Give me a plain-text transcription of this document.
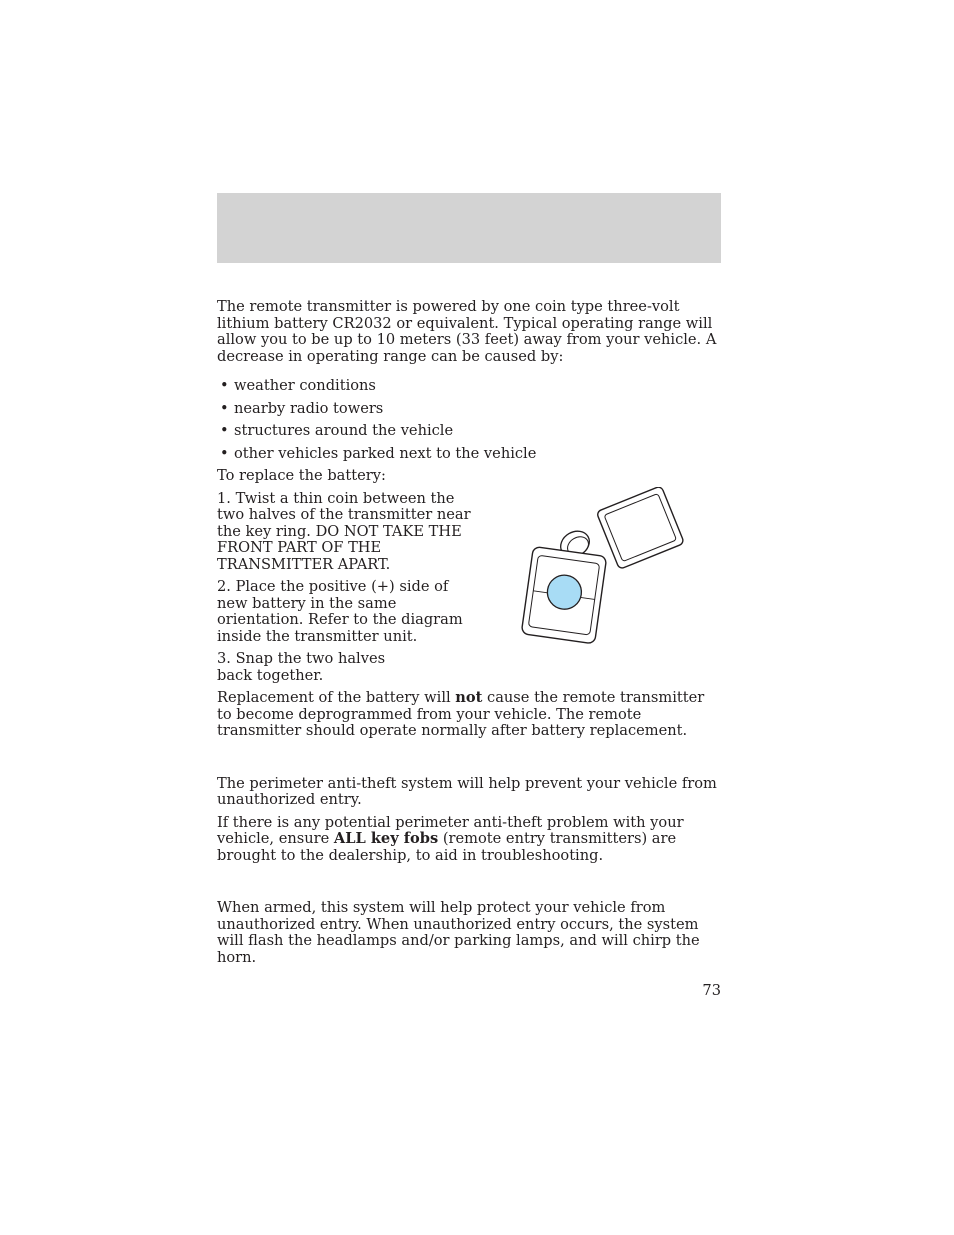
The remote transmitter is powered by one coin type three-volt lithium battery CR2032 or equivalent. Typical operating range will allow you to be up to 10 meters (33 feet) away from your vehicle. A decrease in operating range can be caused by:

• weather conditions
• nearby radio towers
• structures around the vehicle
• other vehicles parked next to the vehicle

To replace the battery:

1. Twist a thin coin between the two halves of the transmitter near the key ring. DO NOT TAKE THE FRONT PART OF THE TRANSMITTER APART.

2. Place the positive (+) side of new battery in the same orientation. Refer to the diagram inside the transmitter unit.

3. Snap the two halves back together.

Replacement of the battery will not cause the remote transmitter to become deprogrammed from your vehicle. The remote transmitter should operate normally after battery replacement.

The perimeter anti-theft system will help prevent your vehicle from unauthorized entry.

If there is any potential perimeter anti-theft problem with your vehicle, ensure ALL key fobs (remote entry transmitters) are brought to the dealership, to aid in troubleshooting.

When armed, this system will help protect your vehicle from unauthorized entry. When unauthorized entry occurs, the system will flash the headlamps and/or parking lamps, and will chirp the horn.

73
